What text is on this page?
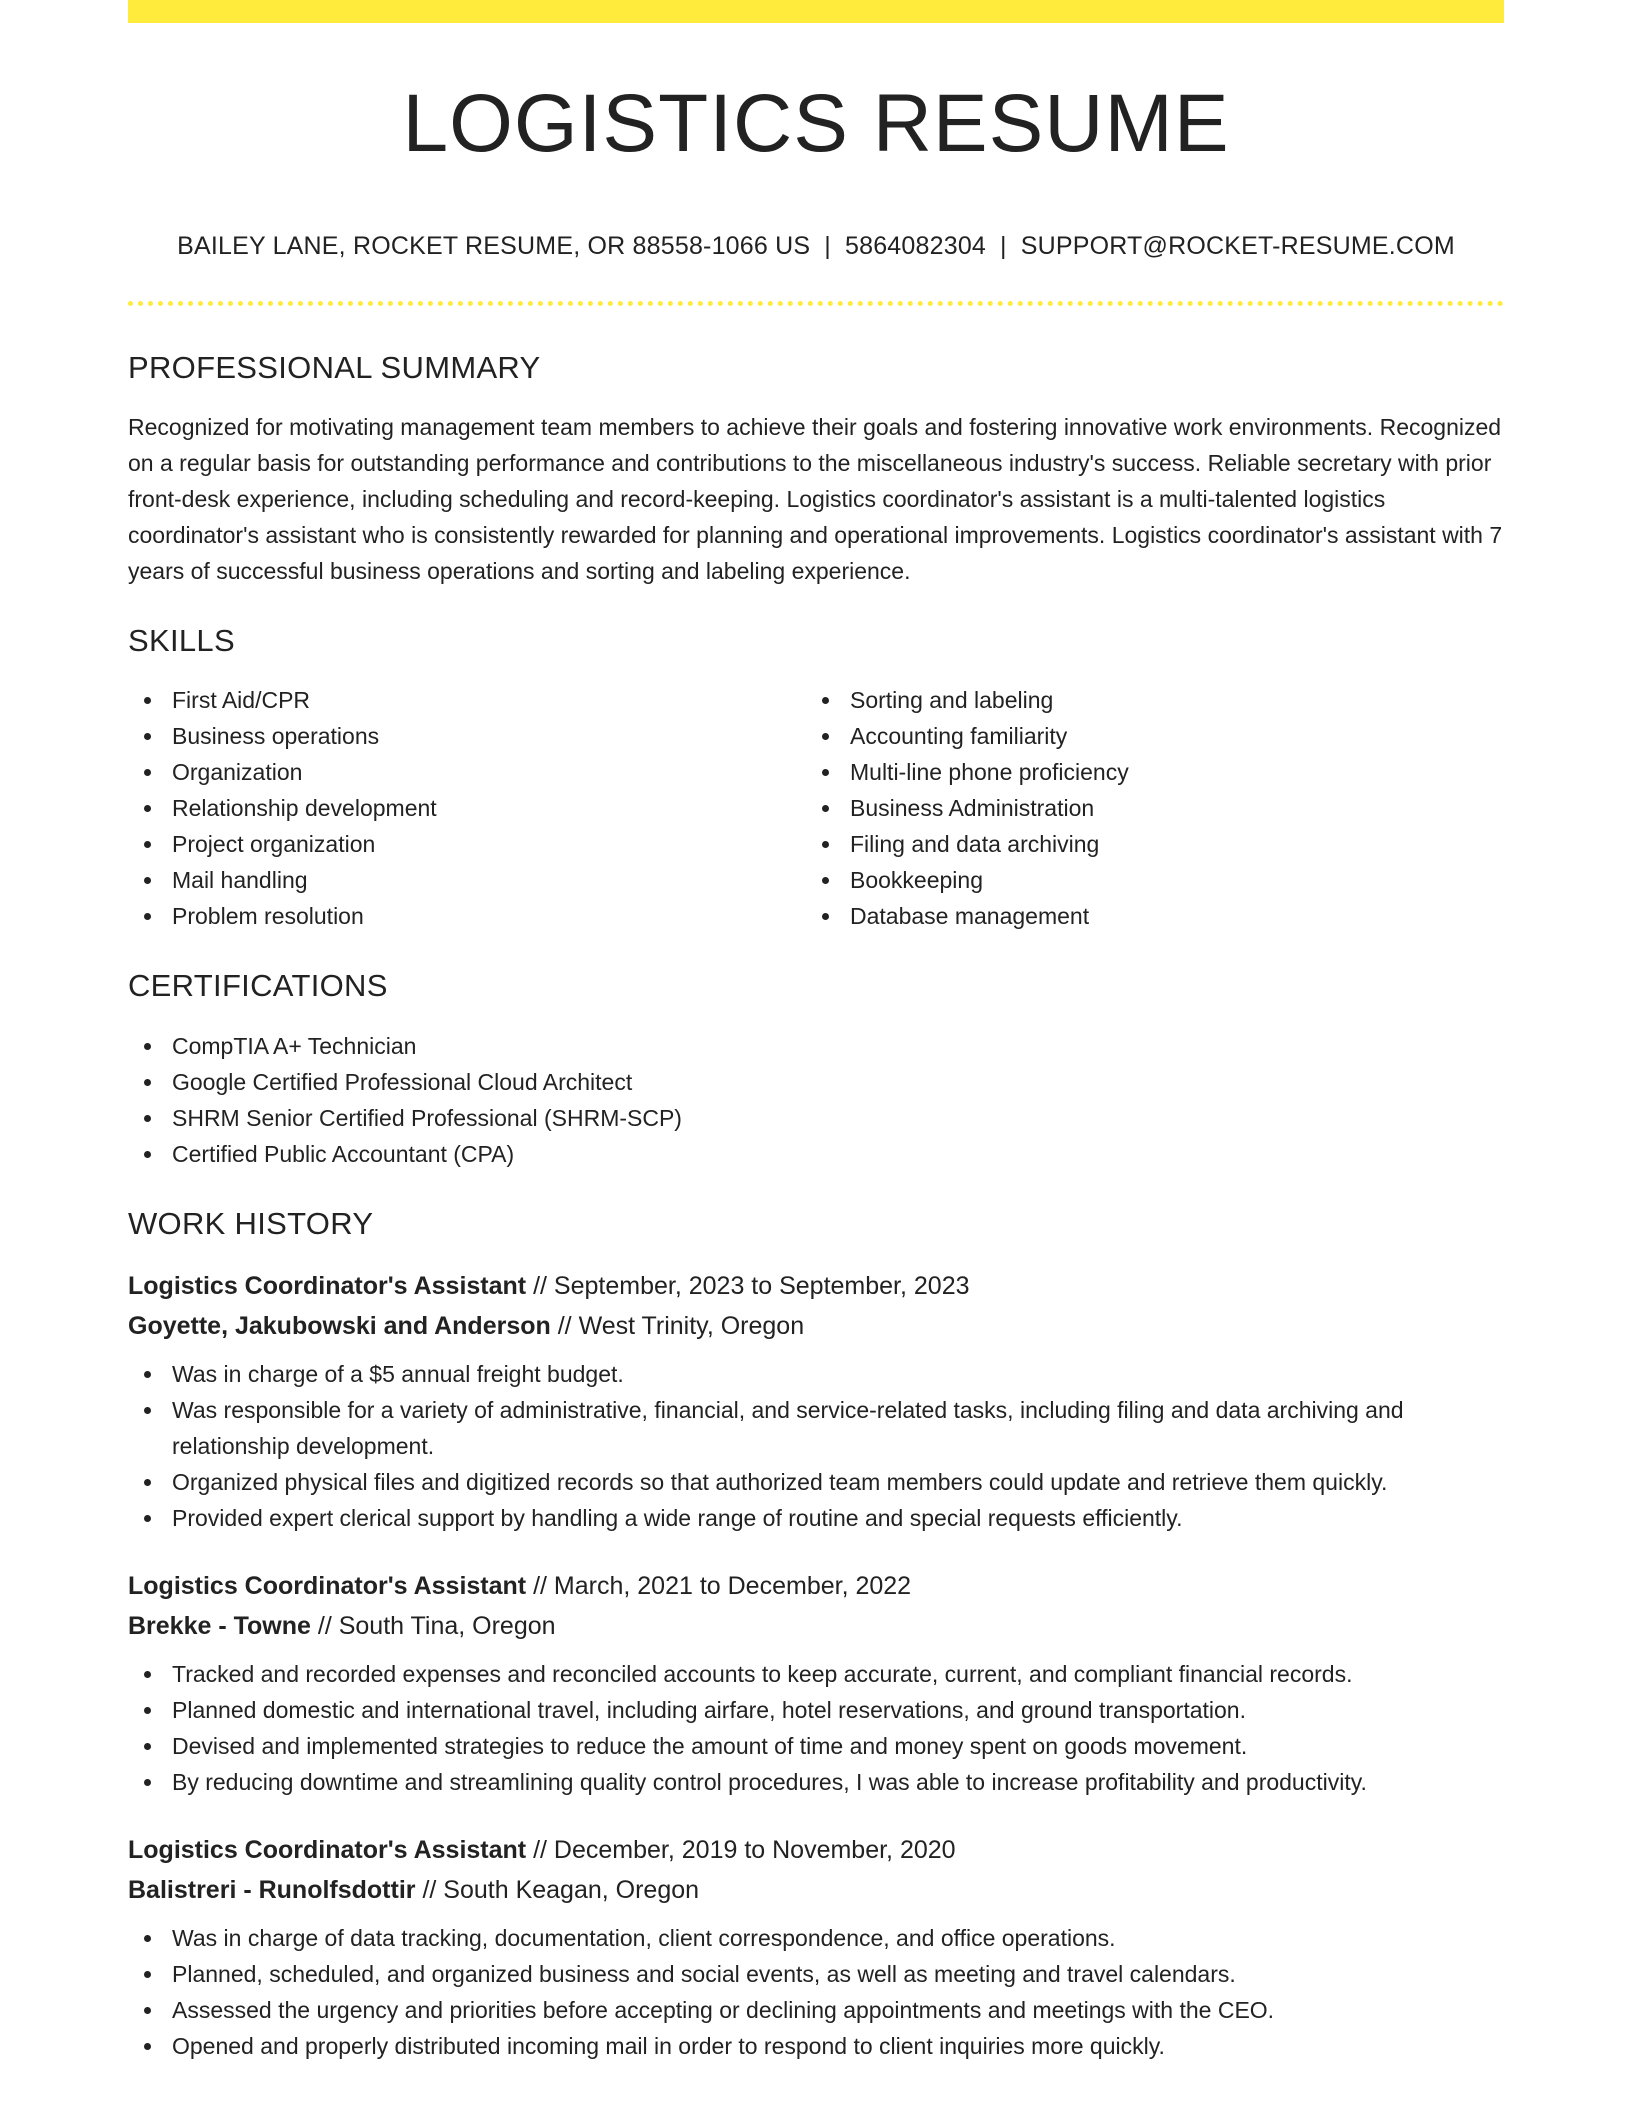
LOGISTICS RESUME
BAILEY LANE, ROCKET RESUME, OR 88558-1066 US | 5864082304 | SUPPORT@ROCKET-RESUME.COM
PROFESSIONAL SUMMARY

Recognized for motivating management team members to achieve their goals and fostering innovative work environments. Recognized on a regular basis for outstanding performance and contributions to the miscellaneous industry's success. Reliable secretary with prior front-desk experience, including scheduling and record-keeping. Logistics coordinator's assistant is a multi-talented logistics coordinator's assistant who is consistently rewarded for planning and operational improvements. Logistics coordinator's assistant with 7 years of successful business operations and sorting and labeling experience.

SKILLS
First Aid/CPR
Business operations
Organization
Relationship development
Project organization
Mail handling
Problem resolution
Sorting and labeling
Accounting familiarity
Multi-line phone proficiency
Business Administration
Filing and data archiving
Bookkeeping
Database management
CERTIFICATIONS
CompTIA A+ Technician
Google Certified Professional Cloud Architect
SHRM Senior Certified Professional (SHRM-SCP)
Certified Public Accountant (CPA)
WORK HISTORY
Logistics Coordinator's Assistant // September, 2023 to September, 2023
Goyette, Jakubowski and Anderson // West Trinity, Oregon
Was in charge of a $5 annual freight budget.
Was responsible for a variety of administrative, financial, and service-related tasks, including filing and data archiving and relationship development.
Organized physical files and digitized records so that authorized team members could update and retrieve them quickly.
Provided expert clerical support by handling a wide range of routine and special requests efficiently.
Logistics Coordinator's Assistant // March, 2021 to December, 2022
Brekke - Towne // South Tina, Oregon
Tracked and recorded expenses and reconciled accounts to keep accurate, current, and compliant financial records.
Planned domestic and international travel, including airfare, hotel reservations, and ground transportation.
Devised and implemented strategies to reduce the amount of time and money spent on goods movement.
By reducing downtime and streamlining quality control procedures, I was able to increase profitability and productivity.
Logistics Coordinator's Assistant // December, 2019 to November, 2020
Balistreri - Runolfsdottir // South Keagan, Oregon
Was in charge of data tracking, documentation, client correspondence, and office operations.
Planned, scheduled, and organized business and social events, as well as meeting and travel calendars.
Assessed the urgency and priorities before accepting or declining appointments and meetings with the CEO.
Opened and properly distributed incoming mail in order to respond to client inquiries more quickly.
